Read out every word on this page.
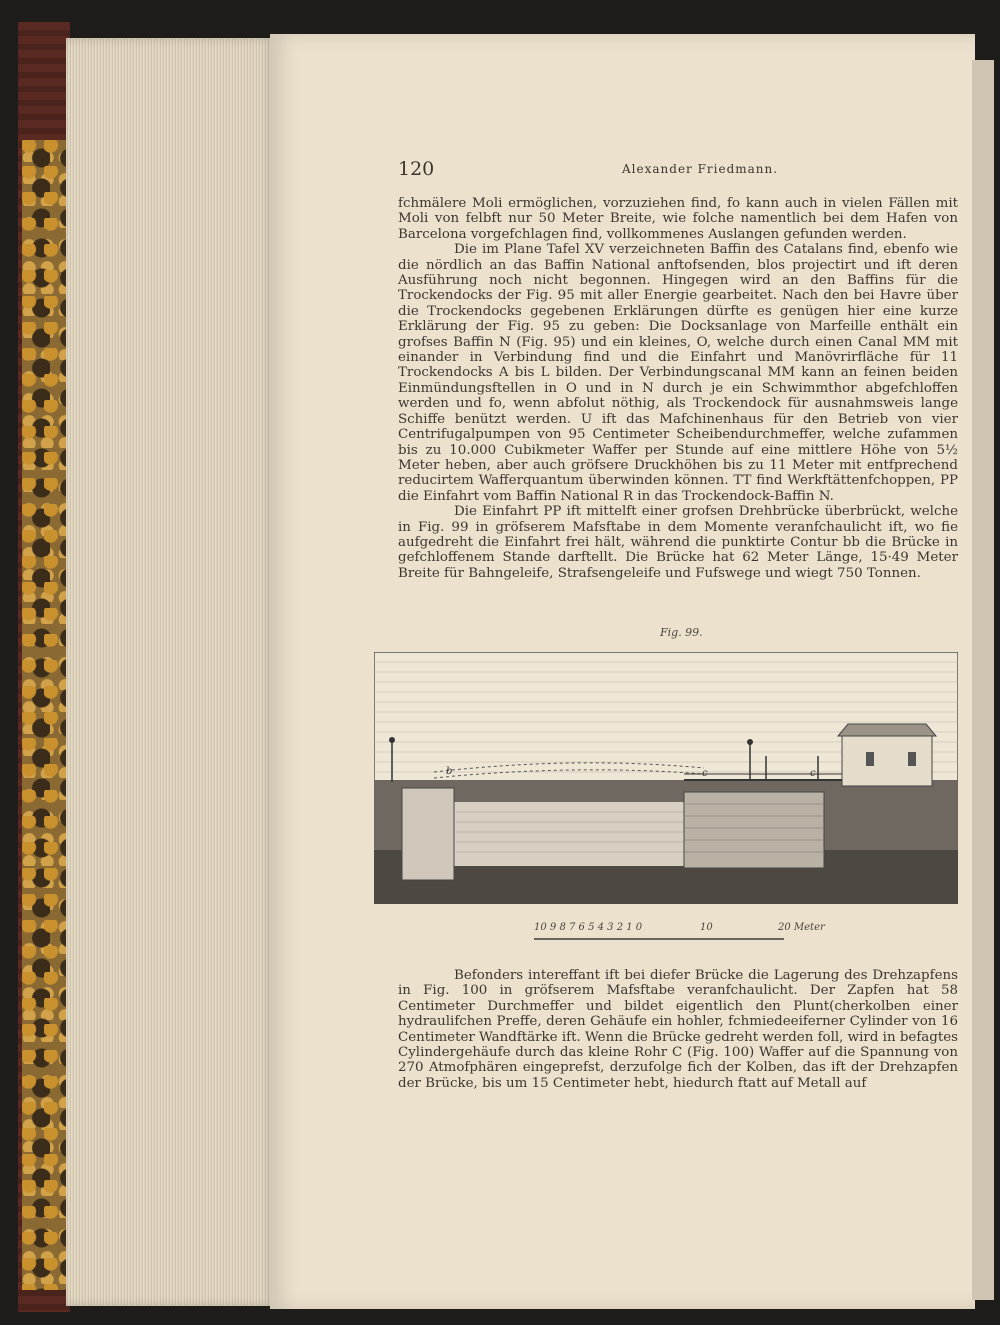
120	Alexander Friedmann.

fchmälere Moli ermöglichen, vorzuziehen find, fo kann auch in vielen Fällen mit Moli von felbft nur 50 Meter Breite, wie folche namentlich bei dem Hafen von Barcelona vorgefchlagen find, vollkommenes Auslangen gefunden werden.

Die im Plane Tafel XV verzeichneten Baffin des Catalans find, ebenfo wie die nördlich an das Baffin National anftofsenden, blos projectirt und ift deren Ausführung noch nicht begonnen. Hingegen wird an den Baffins für die Trockendocks der Fig. 95 mit aller Energie gearbeitet. Nach den bei Havre über die Trockendocks gegebenen Erklärungen dürfte es genügen hier eine kurze Erklärung der Fig. 95 zu geben: Die Docksanlage von Marfeille enthält ein grofses Baffin N (Fig. 95) und ein kleines, O, welche durch einen Canal MM mit einander in Verbindung find und die Einfahrt und Manövrirfläche für 11 Trockendocks A bis L bilden. Der Verbindungscanal MM kann an feinen beiden Einmündungsftellen in O und in N durch je ein Schwimmthor abgefchloffen werden und fo, wenn abfolut nöthig, als Trockendock für ausnahmsweis lange Schiffe benützt werden. U ift das Mafchinenhaus für den Betrieb von vier Centrifugalpumpen von 95 Centimeter Scheibendurchmeffer, welche zufammen bis zu 10.000 Cubikmeter Waffer per Stunde auf eine mittlere Höhe von 5½ Meter heben, aber auch gröfsere Druckhöhen bis zu 11 Meter mit entfprechend reducirtem Wafferquantum überwinden können. TT find Werkftättenfchoppen, PP die Einfahrt vom Baffin National R in das Trockendock-Baffin N.

Die Einfahrt PP ift mittelft einer grofsen Drehbrücke überbrückt, welche in Fig. 99 in gröfserem Mafsftabe in dem Momente veranfchaulicht ift, wo fie aufgedreht die Einfahrt frei hält, während die punktirte Contur bb die Brücke in gefchloffenem Stande darftellt. Die Brücke hat 62 Meter Länge, 15·49 Meter Breite für Bahngeleife, Strafsengeleife und Fufswege und wiegt 750 Tonnen.

Fig. 99.
b	c	c
10 9 8 7 6 5 4 3 2 1 0	10	20 Meter

Befonders intereffant ift bei diefer Brücke die Lagerung des Drehzapfens in Fig. 100 in gröfserem Mafsftabe veranfchaulicht. Der Zapfen hat 58 Centimeter Durchmeffer und bildet eigentlich den Plunt(cherkolben einer hydraulifchen Preffe, deren Gehäufe ein hohler, fchmiedeeiferner Cylinder von 16 Centimeter Wandftärke ift. Wenn die Brücke gedreht werden foll, wird in befagtes Cylindergehäufe durch das kleine Rohr C (Fig. 100) Waffer auf die Spannung von 270 Atmofphären eingeprefst, derzufolge fich der Kolben, das ift der Drehzapfen der Brücke, bis um 15 Centimeter hebt, hiedurch ftatt auf Metall auf
